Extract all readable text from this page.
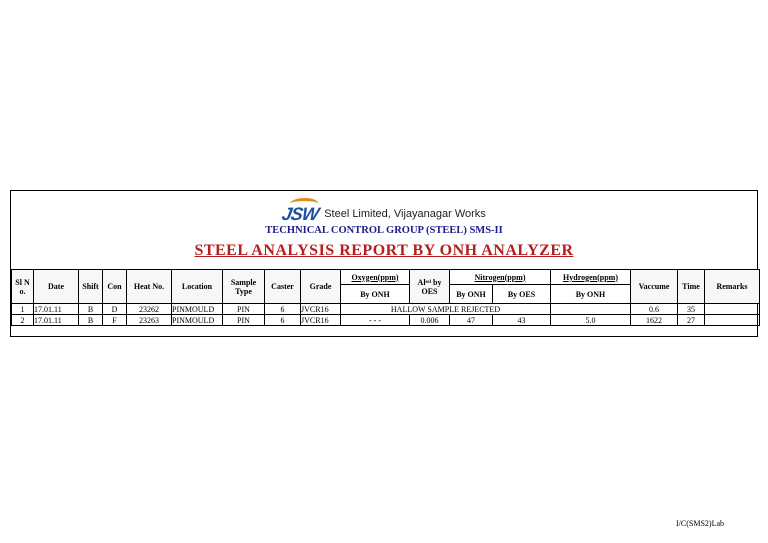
JSW Steel Limited, Vijayanagar Works
TECHNICAL CONTROL GROUP (STEEL) SMS-II
STEEL ANALYSIS REPORT BY ONH ANALYZER
Sl N o.	Date	Shift	Con	Heat No.	Location	Sample Type	Caster	Grade	Oxygen(ppm)	Alˢᵒˡ by OES	Nitrogen(ppm)		Hydrogen(ppm)	Vaccume	Time	Remarks
									By ONH		By ONH	By OES	By ONH			
1	17.01.11	B	D	23262	PINMOULD	PIN	6	JVCR16	HALLOW SAMPLE REJECTED					0.6	35	
2	17.01.11	B	F	23263	PINMOULD	PIN	6	JVCR16	- - -	0.006	47	43	5.0	1622	27	
I/C(SMS2)Lab
